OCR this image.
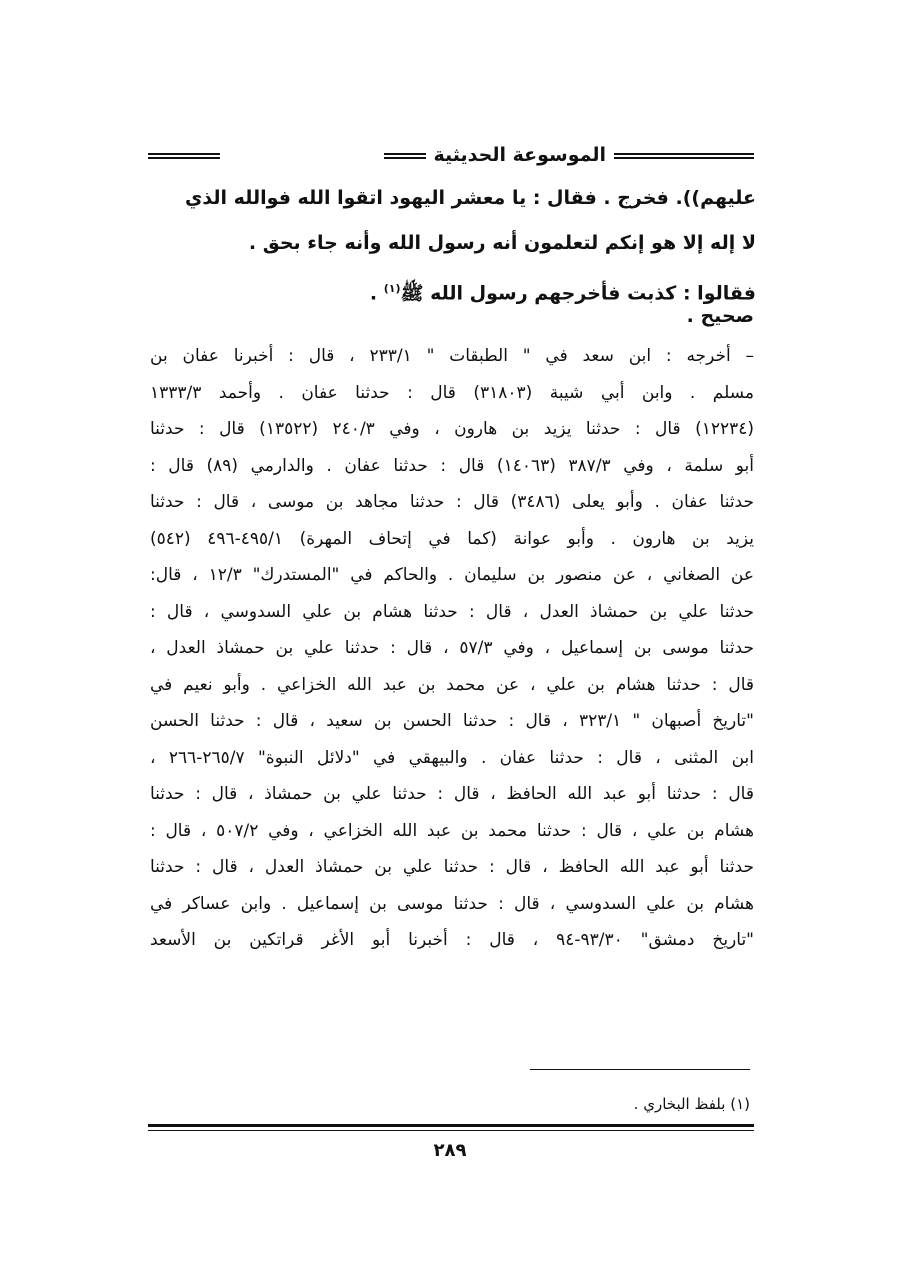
الموسوعة الحديثية
عليهم)). فخرج . فقال : يا معشر اليهود اتقوا الله فوالله الذي
لا إله إلا هو إنكم لتعلمون أنه رسول الله وأنه جاء بحق .
فقالوا : كذبت فأخرجهم رسول الله ﷺ$^{(١)}$ .
صحيح .
– أخرجه : ابن سعد في " الطبقات " ٢٣٣/١ ، قال : أخبرنا عفان بن
مسلم . وابن أبي شيبة (٣١٨٠٣) قال : حدثنا عفان . وأحمد ١٣٣٣/٣
(١٢٢٣٤) قال : حدثنا يزيد بن هارون ، وفي ٢٤٠/٣ (١٣٥٢٢) قال : حدثنا
أبو سلمة ، وفي ٣٨٧/٣ (١٤٠٦٣) قال : حدثنا عفان . والدارمي (٨٩) قال :
حدثنا عفان . وأبو يعلى (٣٤٨٦) قال : حدثنا مجاهد بن موسى ، قال : حدثنا
يزيد بن هارون . وأبو عوانة (كما في إتحاف المهرة) ٤٩٥/١-٤٩٦ (٥٤٢)
عن الصغاني ، عن منصور بن سليمان . والحاكم في "المستدرك" ١٢/٣ ، قال:
حدثنا علي بن حمشاذ العدل ، قال : حدثنا هشام بن علي السدوسي ، قال :
حدثنا موسى بن إسماعيل ، وفي ٥٧/٣ ، قال : حدثنا علي بن حمشاذ العدل ،
قال : حدثنا هشام بن علي ، عن محمد بن عبد الله الخزاعي . وأبو نعيم في
"تاريخ أصبهان " ٣٢٣/١ ، قال : حدثنا الحسن بن سعيد ، قال : حدثنا الحسن
ابن المثنى ، قال : حدثنا عفان . والبيهقي في "دلائل النبوة" ٢٦٥/٧-٢٦٦ ،
قال : حدثنا أبو عبد الله الحافظ ، قال : حدثنا علي بن حمشاذ ، قال : حدثنا
هشام بن علي ، قال : حدثنا محمد بن عبد الله الخزاعي ، وفي ٥٠٧/٢ ، قال :
حدثنا أبو عبد الله الحافظ ، قال : حدثنا علي بن حمشاذ العدل ، قال : حدثنا
هشام بن علي السدوسي ، قال : حدثنا موسى بن إسماعيل . وابن عساكر في
"تاريخ دمشق" ٩٣/٣٠-٩٤ ، قال : أخبرنا أبو الأغر قراتكين بن الأسعد
(١) بلفظ البخاري .
٢٨٩
